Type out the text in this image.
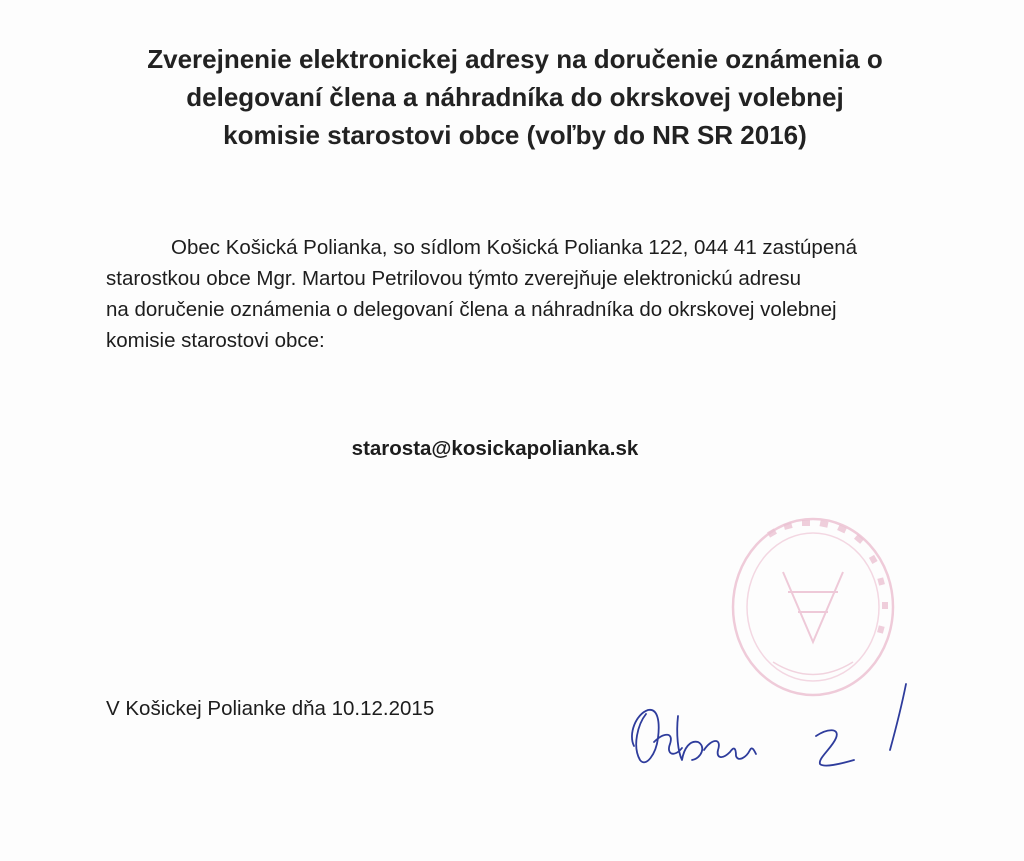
Zverejnenie elektronickej adresy na doručenie oznámenia o
delegovaní člena a náhradníka do okrskovej volebnej
komisie starostovi obce (voľby do NR SR 2016)
Obec Košická Polianka, so sídlom Košická Polianka 122, 044 41 zastúpená
starostkou obce Mgr. Martou Petrilovou týmto zverejňuje elektronickú adresu
na doručenie oznámenia o delegovaní člena a náhradníka do okrskovej volebnej
komisie starostovi obce:
starosta@kosickapolianka.sk
V Košickej Polianke dňa 10.12.2015
